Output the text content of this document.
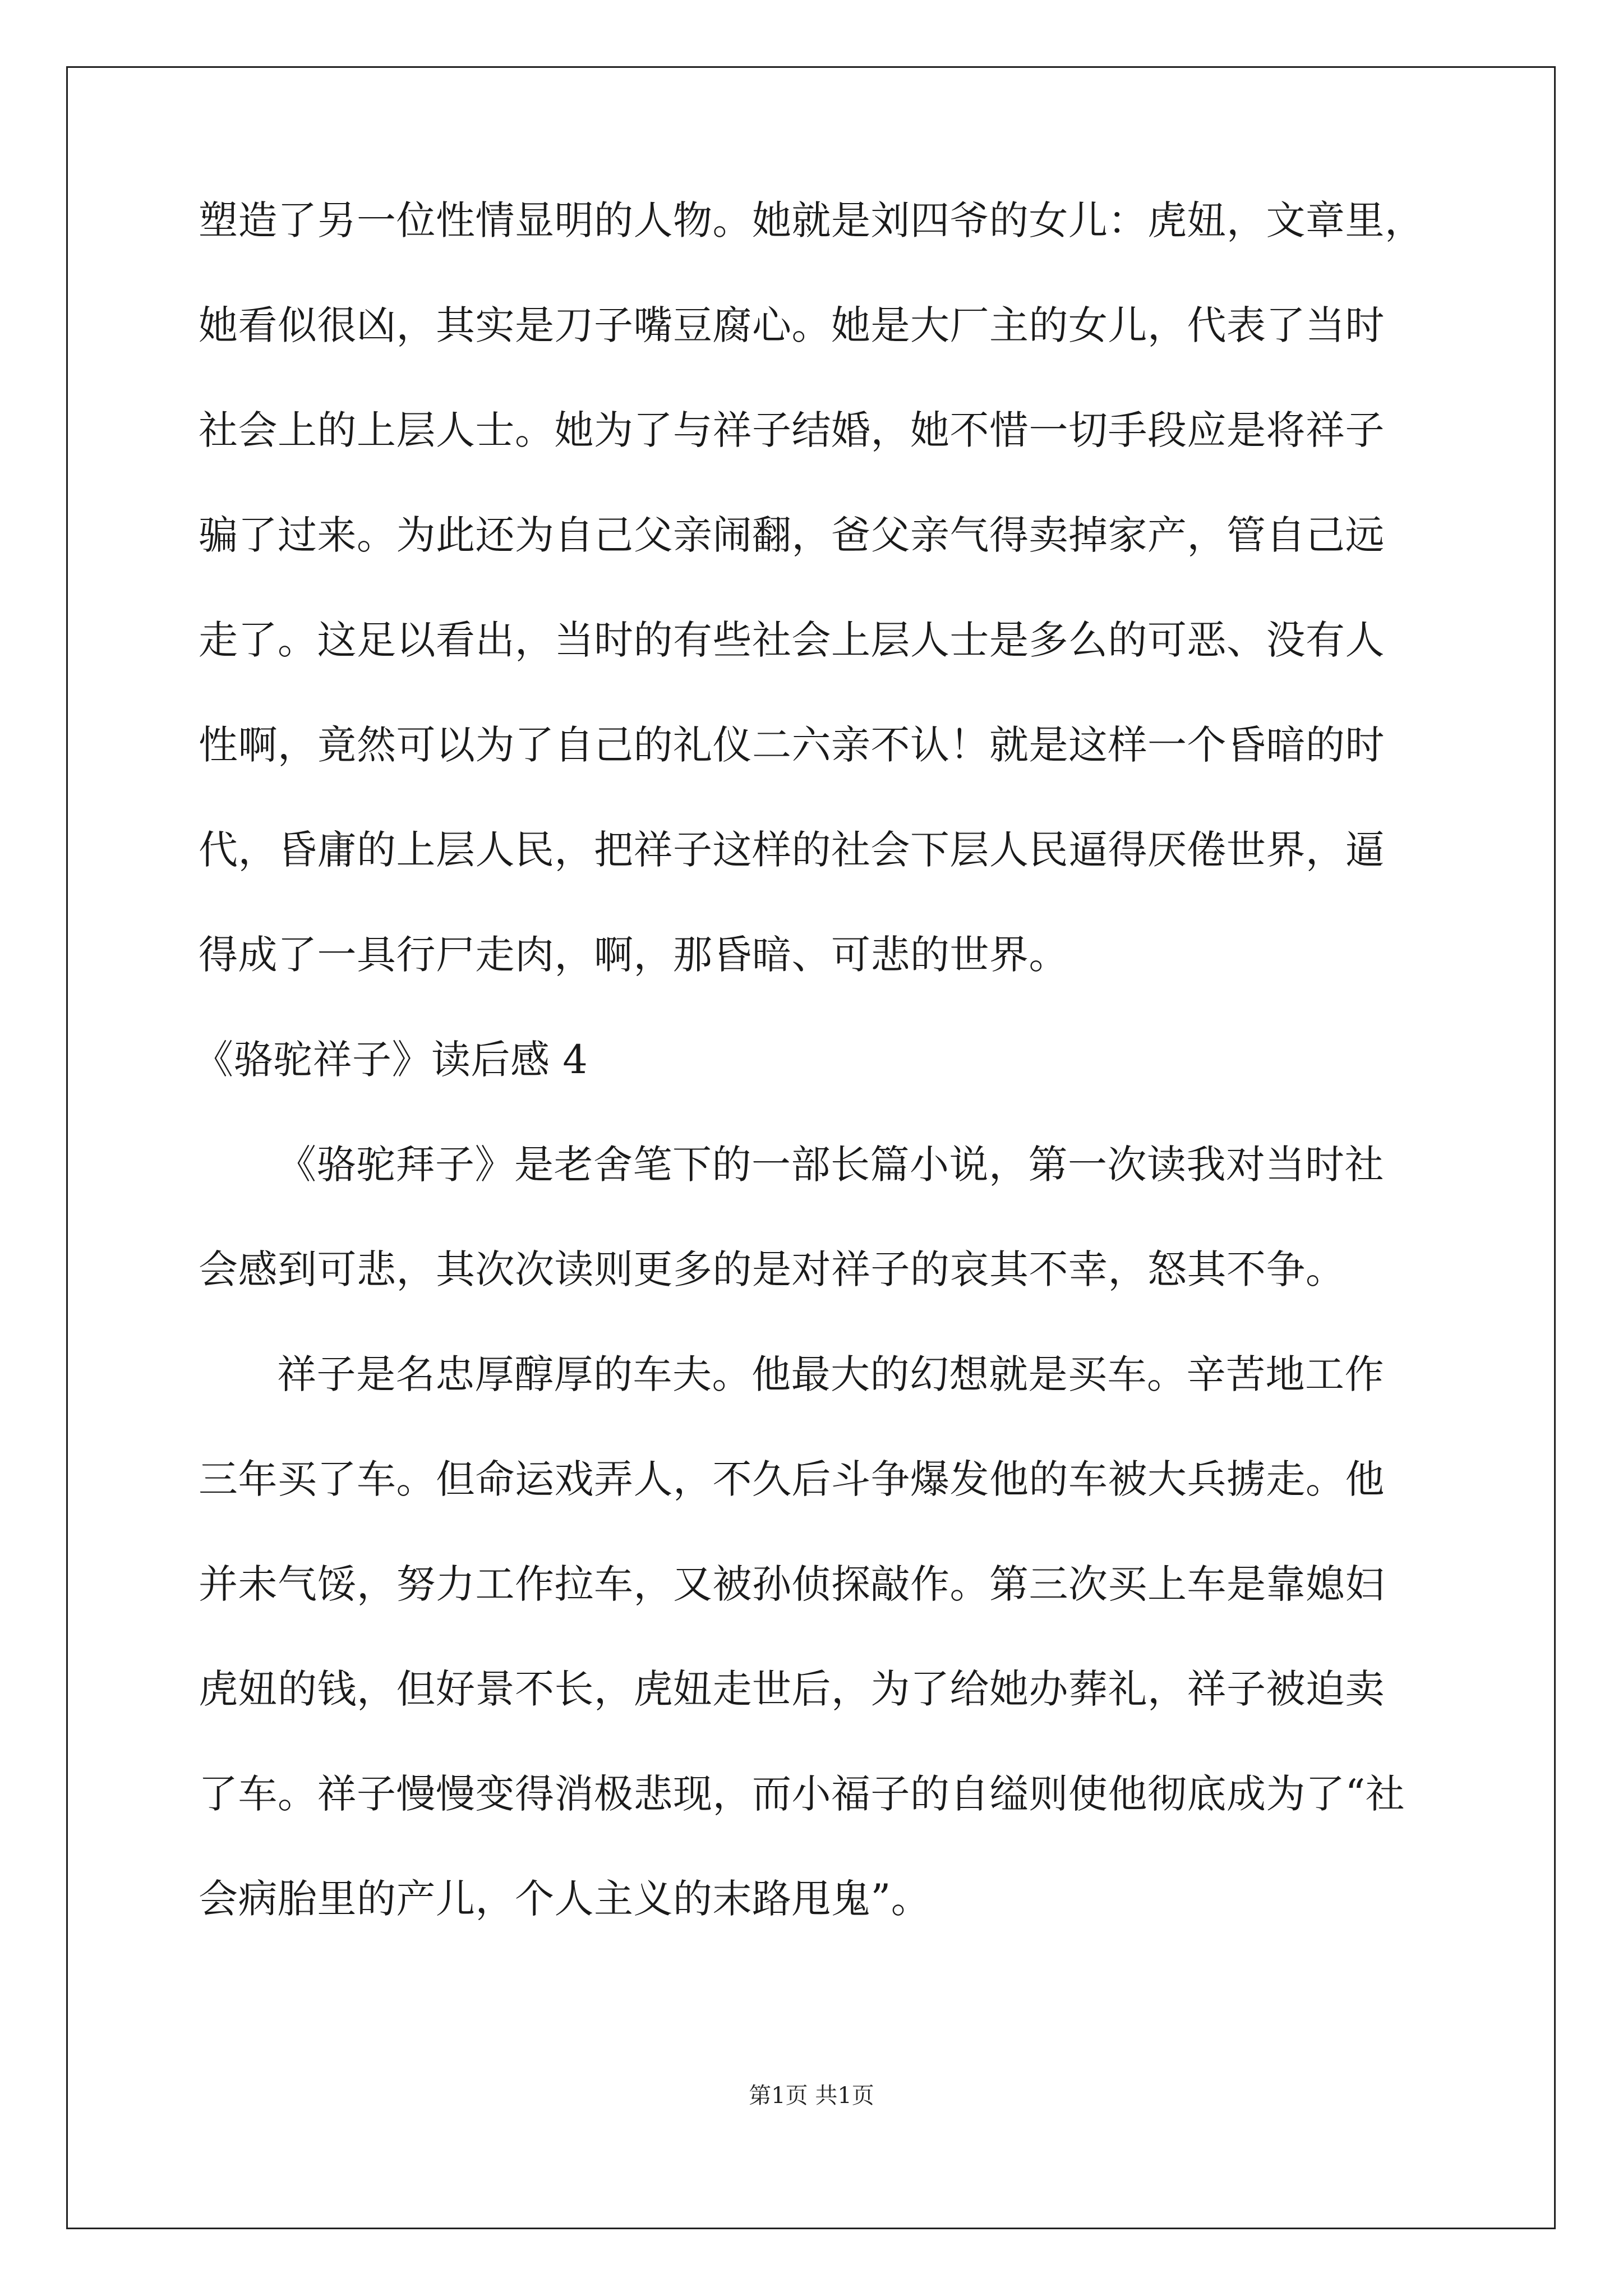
塑造了另一位性情显明的人物。她就是刘四爷的女儿：虎妞，文章里，
她看似很凶，其实是刀子嘴豆腐心。她是大厂主的女儿，代表了当时
社会上的上层人士。她为了与祥子结婚，她不惜一切手段应是将祥子
骗了过来。为此还为自己父亲闹翻，爸父亲气得卖掉家产，管自己远
走了。这足以看出，当时的有些社会上层人士是多么的可恶、没有人
性啊，竟然可以为了自己的礼仪二六亲不认！就是这样一个昏暗的时
代，昏庸的上层人民，把祥子这样的社会下层人民逼得厌倦世界，逼
得成了一具行尸走肉，啊，那昏暗、可悲的世界。
《骆驼祥子》读后感 4
《骆驼拜子》是老舍笔下的一部长篇小说，第一次读我对当时社
会感到可悲，其次次读则更多的是对祥子的哀其不幸，怒其不争。
祥子是名忠厚醇厚的车夫。他最大的幻想就是买车。辛苦地工作
三年买了车。但命运戏弄人，不久后斗争爆发他的车被大兵掳走。他
并未气馁，努力工作拉车，又被孙侦探敲作。第三次买上车是靠媳妇
虎妞的钱，但好景不长，虎妞走世后，为了给她办葬礼，祥子被迫卖
了车。祥子慢慢变得消极悲现，而小福子的自缢则使他彻底成为了“社
会病胎里的产儿，个人主义的末路甩鬼”。
第1页 共1页
